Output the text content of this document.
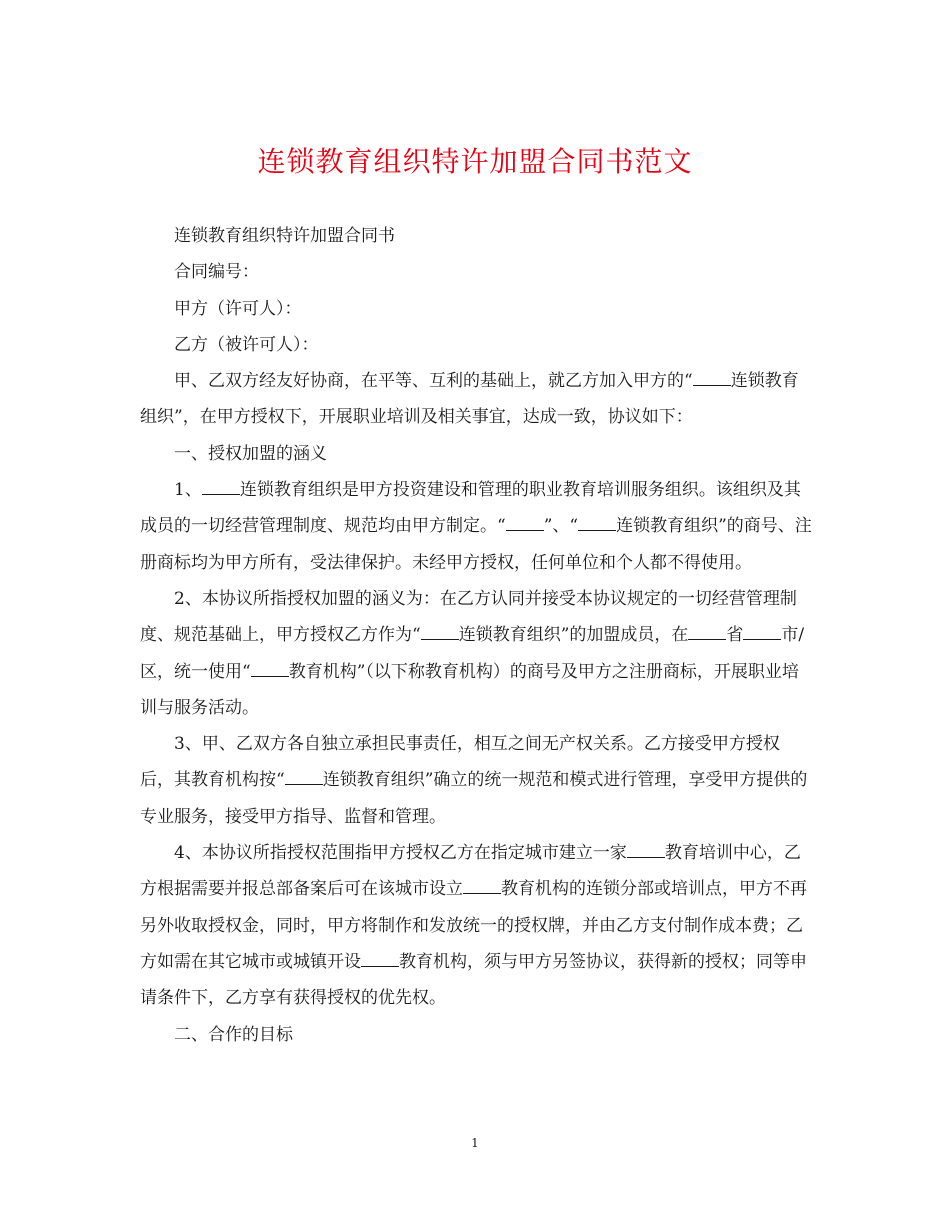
连锁教育组织特许加盟合同书范文

连锁教育组织特许加盟合同书

合同编号：

甲方（许可人）：

乙方（被许可人）：

甲、乙双方经友好协商，在平等、互利的基础上，就乙方加入甲方的“ 连锁教育组织”，在甲方授权下，开展职业培训及相关事宜，达成一致，协议如下：

一、授权加盟的涵义

1、 连锁教育组织是甲方投资建设和管理的职业教育培训服务组织。该组织及其成员的一切经营管理制度、规范均由甲方制定。“ ”、“ 连锁教育组织”的商号、注册商标均为甲方所有，受法律保护。未经甲方授权，任何单位和个人都不得使用。

2、本协议所指授权加盟的涵义为：在乙方认同并接受本协议规定的一切经营管理制度、规范基础上，甲方授权乙方作为“ 连锁教育组织”的加盟成员，在 省 市/区，统一使用“ 教育机构”（以下称教育机构）的商号及甲方之注册商标，开展职业培训与服务活动。

3、甲、乙双方各自独立承担民事责任，相互之间无产权关系。乙方接受甲方授权后，其教育机构按“ 连锁教育组织”确立的统一规范和模式进行管理，享受甲方提供的专业服务，接受甲方指导、监督和管理。

4、本协议所指授权范围指甲方授权乙方在指定城市建立一家 教育培训中心，乙方根据需要并报总部备案后可在该城市设立 教育机构的连锁分部或培训点，甲方不再另外收取授权金，同时，甲方将制作和发放统一的授权牌，并由乙方支付制作成本费；乙方如需在其它城市或城镇开设 教育机构，须与甲方另签协议，获得新的授权；同等申请条件下，乙方享有获得授权的优先权。

二、合作的目标

1
